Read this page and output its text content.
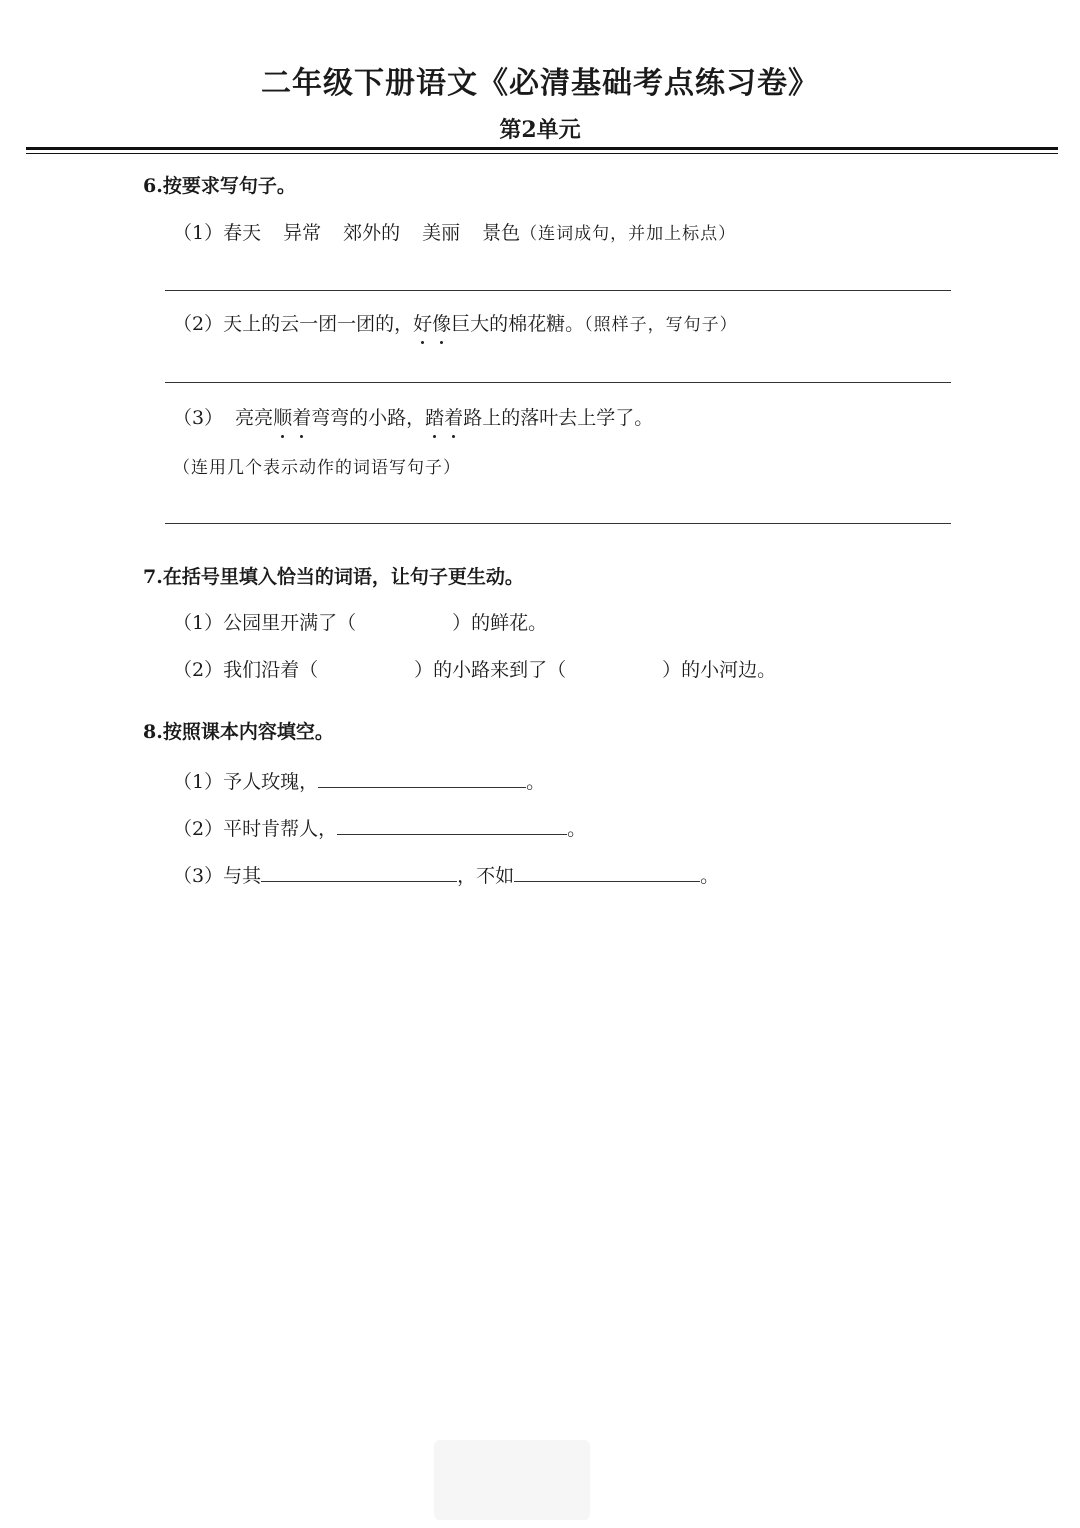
二年级下册语文《必清基础考点练习卷》
第2单元
6.按要求写句子。
（1）春天 异常 郊外的 美丽 景色（连词成句，并加上标点）
（2）天上的云一团一团的，好像巨大的棉花糖。（照样子，写句子）
（3） 亮亮顺着弯弯的小路，踏着路上的落叶去上学了。
（连用几个表示动作的词语写句子）
7.在括号里填入恰当的词语，让句子更生动。
（1）公园里开满了（	）的鲜花。
（2）我们沿着（	）的小路来到了（	）的小河边。
8.按照课本内容填空。
（1）予人玫瑰，	。
（2）平时肯帮人，	。
（3）与其	，不如	。
